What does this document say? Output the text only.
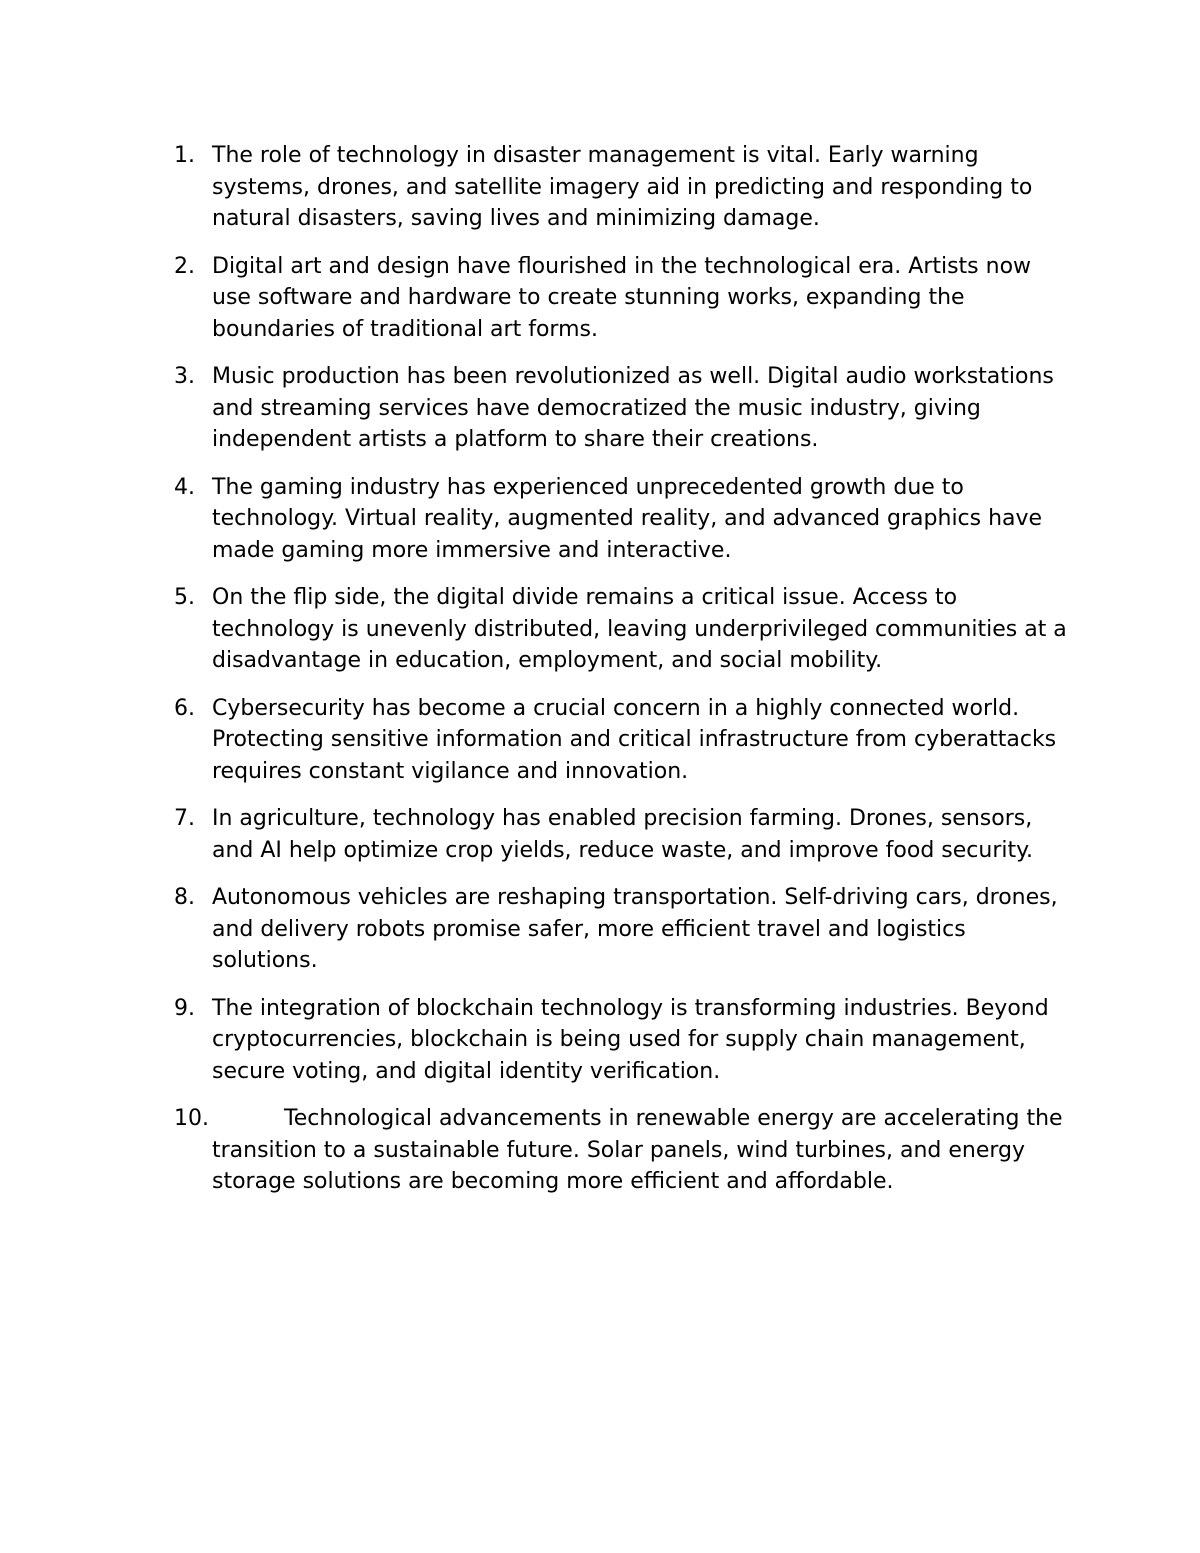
1. The role of technology in disaster management is vital. Early warning systems, drones, and satellite imagery aid in predicting and responding to natural disasters, saving lives and minimizing damage.
2. Digital art and design have flourished in the technological era. Artists now use software and hardware to create stunning works, expanding the boundaries of traditional art forms.
3. Music production has been revolutionized as well. Digital audio workstations and streaming services have democratized the music industry, giving independent artists a platform to share their creations.
4. The gaming industry has experienced unprecedented growth due to technology. Virtual reality, augmented reality, and advanced graphics have made gaming more immersive and interactive.
5. On the flip side, the digital divide remains a critical issue. Access to technology is unevenly distributed, leaving underprivileged communities at a disadvantage in education, employment, and social mobility.
6. Cybersecurity has become a crucial concern in a highly connected world. Protecting sensitive information and critical infrastructure from cyberattacks requires constant vigilance and innovation.
7. In agriculture, technology has enabled precision farming. Drones, sensors, and AI help optimize crop yields, reduce waste, and improve food security.
8. Autonomous vehicles are reshaping transportation. Self-driving cars, drones, and delivery robots promise safer, more efficient travel and logistics solutions.
9. The integration of blockchain technology is transforming industries. Beyond cryptocurrencies, blockchain is being used for supply chain management, secure voting, and digital identity verification.
10.	Technological advancements in renewable energy are accelerating the transition to a sustainable future. Solar panels, wind turbines, and energy storage solutions are becoming more efficient and affordable.
